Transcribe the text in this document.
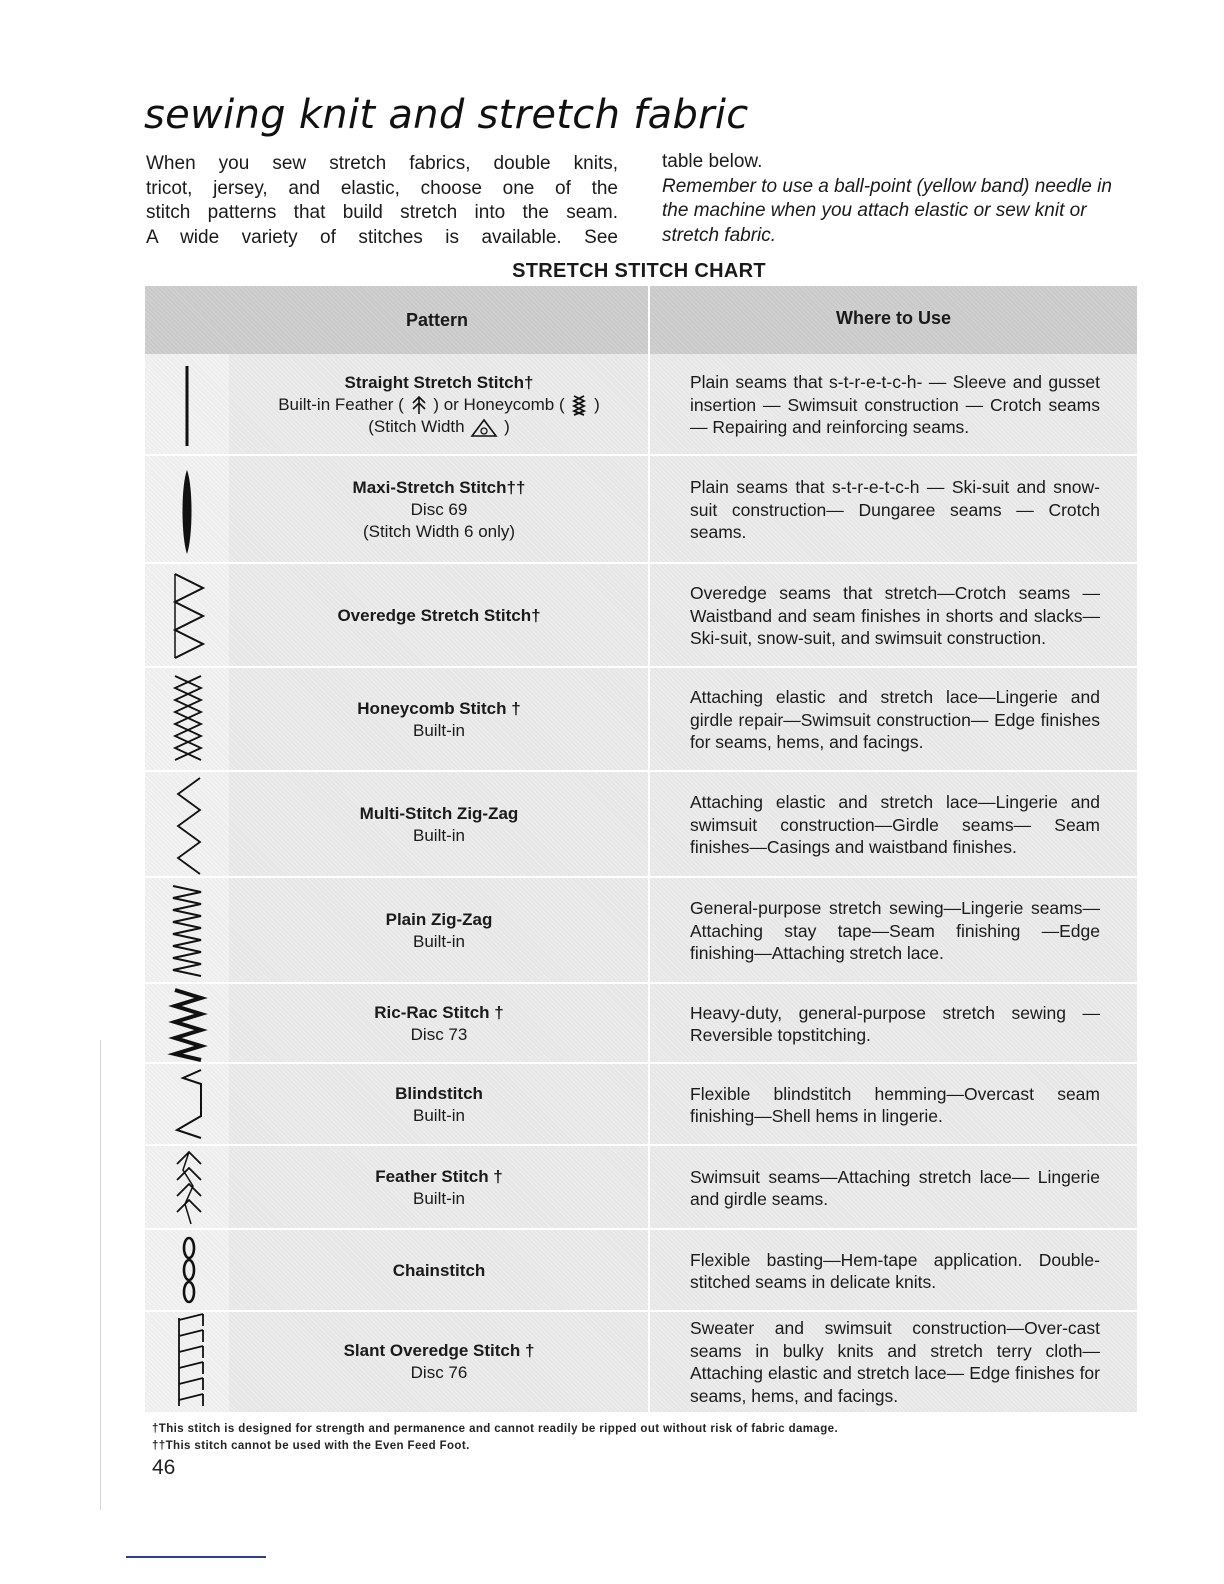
sewing knit and stretch fabric
When you sew stretch fabrics, double knits,
tricot, jersey, and elastic, choose one of the
stitch patterns that build stretch into the seam.
A wide variety of stitches is available. See
table below.
Remember to use a ball-point (yellow band) needle in the machine when you attach elastic or sew knit or stretch fabric.
STRETCH STITCH CHART
Pattern	Where to Use
Straight Stretch Stitch†
Built-in Feather ( ) or Honeycomb ( )
(Stitch Width )
Plain seams that s-t-r-e-t-c-h- — Sleeve and gusset insertion — Swimsuit construction — Crotch seams — Repairing and reinforcing seams.
Maxi-Stretch Stitch††
Disc 69
(Stitch Width 6 only)
Plain seams that s-t-r-e-t-c-h — Ski-suit and snow-suit construction— Dungaree seams — Crotch seams.
Overedge Stretch Stitch†
Overedge seams that stretch—Crotch seams —Waistband and seam finishes in shorts and slacks—Ski-suit, snow-suit, and swimsuit construction.
Honeycomb Stitch †
Built-in
Attaching elastic and stretch lace—Lingerie and girdle repair—Swimsuit construction— Edge finishes for seams, hems, and facings.
Multi-Stitch Zig-Zag
Built-in
Attaching elastic and stretch lace—Lingerie and swimsuit construction—Girdle seams— Seam finishes—Casings and waistband finishes.
Plain Zig-Zag
Built-in
General-purpose stretch sewing—Lingerie seams—Attaching stay tape—Seam finishing —Edge finishing—Attaching stretch lace.
Ric-Rac Stitch †
Disc 73
Heavy-duty, general-purpose stretch sewing —Reversible topstitching.
Blindstitch
Built-in
Flexible blindstitch hemming—Overcast seam finishing—Shell hems in lingerie.
Feather Stitch †
Built-in
Swimsuit seams—Attaching stretch lace— Lingerie and girdle seams.
Chainstitch
Flexible basting—Hem-tape application. Double-stitched seams in delicate knits.
Slant Overedge Stitch †
Disc 76
Sweater and swimsuit construction—Over-cast seams in bulky knits and stretch terry cloth—Attaching elastic and stretch lace— Edge finishes for seams, hems, and facings.
†This stitch is designed for strength and permanence and cannot readily be ripped out without risk of fabric damage.
††This stitch cannot be used with the Even Feed Foot.
46
